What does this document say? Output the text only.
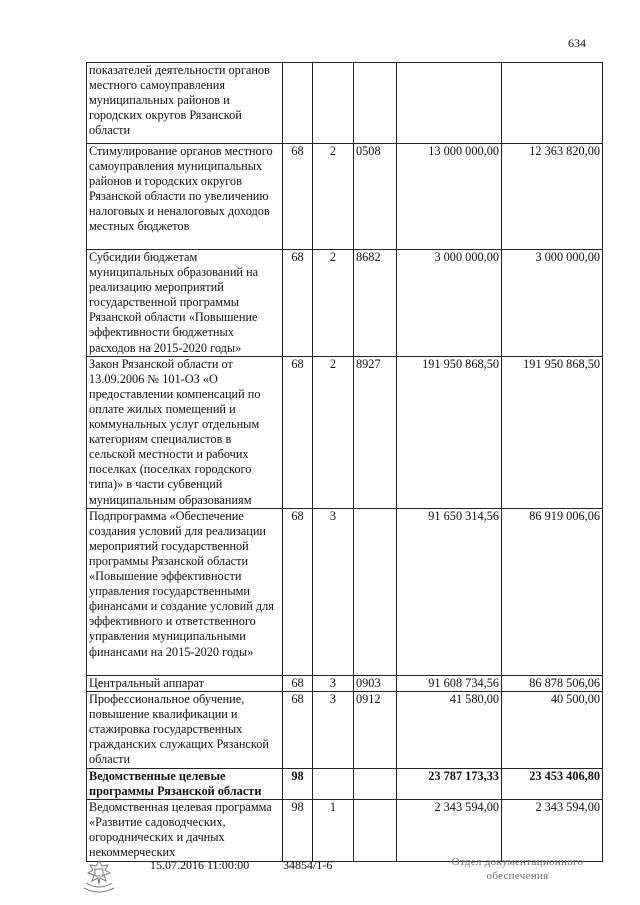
634
показателей деятельности органов местного самоуправления муниципальных районов и городских округов Рязанской области					
Стимулирование органов местного самоуправления муниципальных районов и городских округов Рязанской области по увеличению налоговых и неналоговых доходов местных бюджетов	68	2	0508	13 000 000,00	12 363 820,00
Субсидии бюджетам муниципальных образований на реализацию мероприятий государственной программы Рязанской области «Повышение эффективности бюджетных расходов на 2015-2020 годы»	68	2	8682	3 000 000,00	3 000 000,00
Закон Рязанской области от 13.09.2006 № 101-ОЗ «О предоставлении компенсаций по оплате жилых помещений и коммунальных услуг отдельным категориям специалистов в сельской местности и рабочих поселках (поселках городского типа)» в части субвенций муниципальным образованиям	68	2	8927	191 950 868,50	191 950 868,50
Подпрограмма «Обеспечение создания условий для реализации мероприятий государственной программы Рязанской области «Повышение эффективности управления государственными финансами и создание условий для эффективного и ответственного управления муниципальными финансами на 2015-2020 годы»	68	3		91 650 314,56	86 919 006,06
Центральный аппарат	68	3	0903	91 608 734,56	86 878 506,06
Профессиональное обучение, повышение квалификации и стажировка государственных гражданских служащих Рязанской области	68	3	0912	41 580,00	40 500,00
Ведомственные целевые программы Рязанской области	98			23 787 173,33	23 453 406,80
Ведомственная целевая программа «Развитие садоводческих, огороднических и дачных некоммерческих	98	1		2 343 594,00	2 343 594,00
15.07.2016 11:00:00	34854/1-6	Отдел документационного
обеспечения
